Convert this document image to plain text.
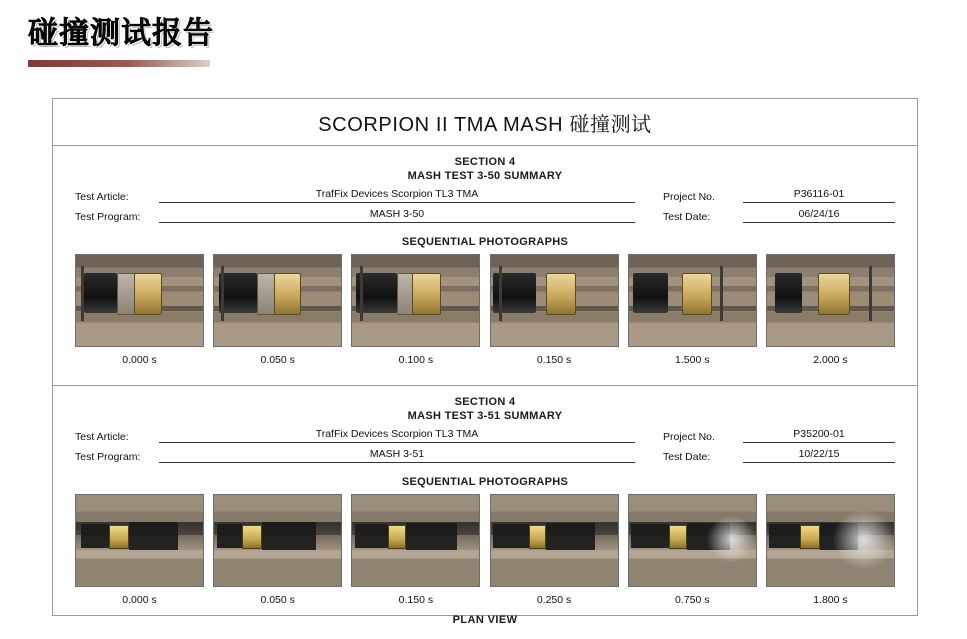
碰撞测试报告
SCORPION II TMA MASH 碰撞测试
SECTION 4
MASH TEST 3-50 SUMMARY
Test Article:	TrafFix Devices Scorpion TL3 TMA
Test Program:	MASH 3-50
Project No.	P36116-01
Test Date:	06/24/16
SEQUENTIAL PHOTOGRAPHS
0.000 s	0.050 s	0.100 s	0.150 s	1.500 s	2.000 s
SECTION 4
MASH TEST 3-51 SUMMARY
Test Article:	TrafFix Devices Scorpion TL3 TMA
Test Program:	MASH 3-51
Project No.	P35200-01
Test Date:	10/22/15
SEQUENTIAL PHOTOGRAPHS
0.000 s	0.050 s	0.150 s	0.250 s	0.750 s	1.800 s
PLAN VIEW
